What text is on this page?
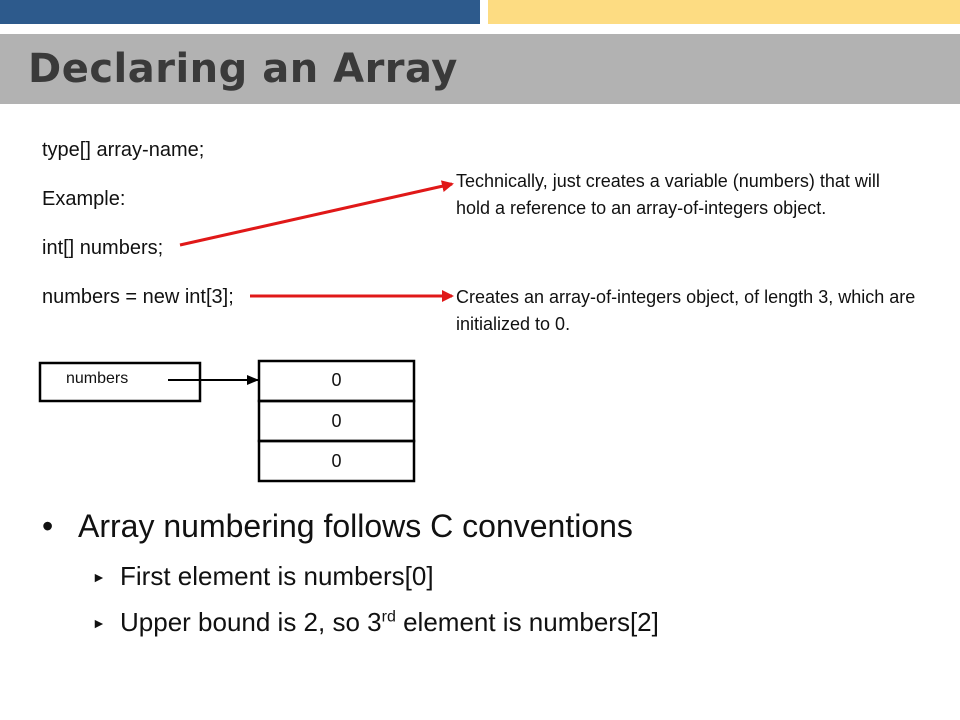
Declaring an Array
type[] array-name;
Example:
int[] numbers;
numbers = new int[3];
Technically, just creates a variable (numbers) that will hold a reference to an array-of-integers object.
Creates an array-of-integers object, of length 3, which are initialized to 0.
numbers	0
0
0
• Array numbering follows C conventions
► First element is numbers[0]
► Upper bound is 2, so 3rd element is numbers[2]
